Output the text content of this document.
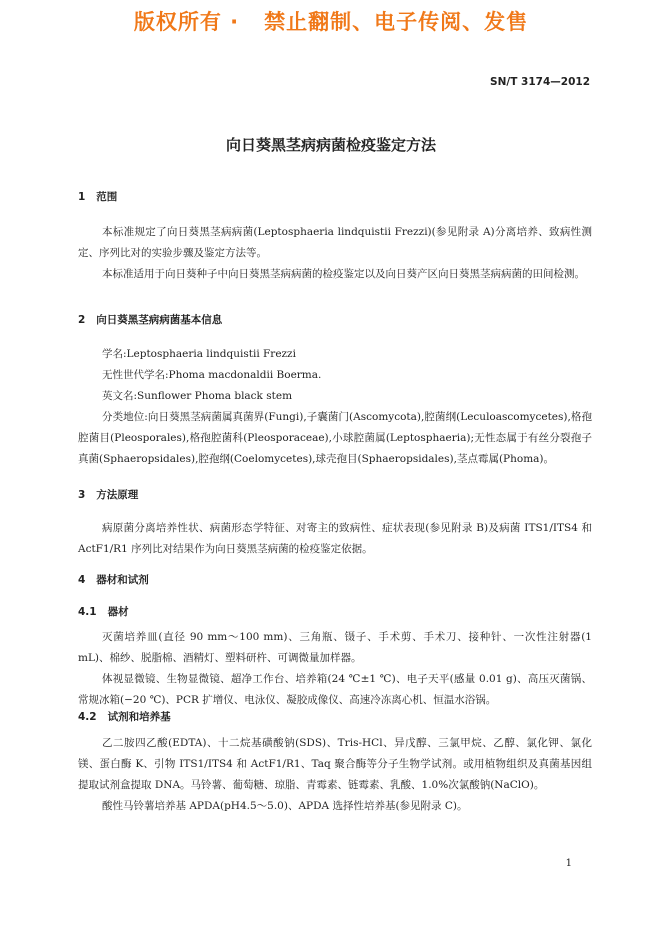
版权所有 ·   禁止翻制、电子传阅、发售
SN/T 3174—2012
向日葵黑茎病病菌检疫鉴定方法
1   范围
本标准规定了向日葵黑茎病病菌(Leptosphaeria lindquistii Frezzi)(参见附录 A)分离培养、致病性测定、序列比对的实验步骤及鉴定方法等。
本标准适用于向日葵种子中向日葵黑茎病病菌的检疫鉴定以及向日葵产区向日葵黑茎病病菌的田间检测。
2   向日葵黑茎病病菌基本信息
学名:Leptosphaeria lindquistii Frezzi
无性世代学名:Phoma macdonaldii Boerma.
英文名:Sunflower Phoma black stem
分类地位:向日葵黑茎病菌属真菌界(Fungi),子囊菌门(Ascomycota),腔菌纲(Leculoascomycetes),格孢腔菌目(Pleosporales),格孢腔菌科(Pleosporaceae),小球腔菌属(Leptosphaeria);无性态属于有丝分裂孢子真菌(Sphaeropsidales),腔孢纲(Coelomycetes),球壳孢目(Sphaeropsidales),茎点霉属(Phoma)。
3   方法原理
病原菌分离培养性状、病菌形态学特征、对寄主的致病性、症状表现(参见附录 B)及病菌 ITS1/ITS4 和 ActF1/R1 序列比对结果作为向日葵黑茎病菌的检疫鉴定依据。
4   器材和试剂
4.1   器材
灭菌培养皿(直径 90 mm～100 mm)、三角瓶、镊子、手术剪、手术刀、接种针、一次性注射器(1 mL)、棉纱、脱脂棉、酒精灯、塑料研杵、可调微量加样器。
体视显微镜、生物显微镜、超净工作台、培养箱(24 ℃±1 ℃)、电子天平(感量 0.01 g)、高压灭菌锅、常规冰箱(−20 ℃)、PCR 扩增仪、电泳仪、凝胶成像仪、高速冷冻离心机、恒温水浴锅。
4.2   试剂和培养基
乙二胺四乙酸(EDTA)、十二烷基磺酸钠(SDS)、Tris-HCl、异戊醇、三氯甲烷、乙醇、氯化钾、氯化镁、蛋白酶 K、引物 ITS1/ITS4 和 ActF1/R1、Taq 聚合酶等分子生物学试剂。或用植物组织及真菌基因组提取试剂盒提取 DNA。马铃薯、葡萄糖、琼脂、青霉素、链霉素、乳酸、1.0%次氯酸钠(NaClO)。
酸性马铃薯培养基 APDA(pH4.5～5.0)、APDA 选择性培养基(参见附录 C)。
1
